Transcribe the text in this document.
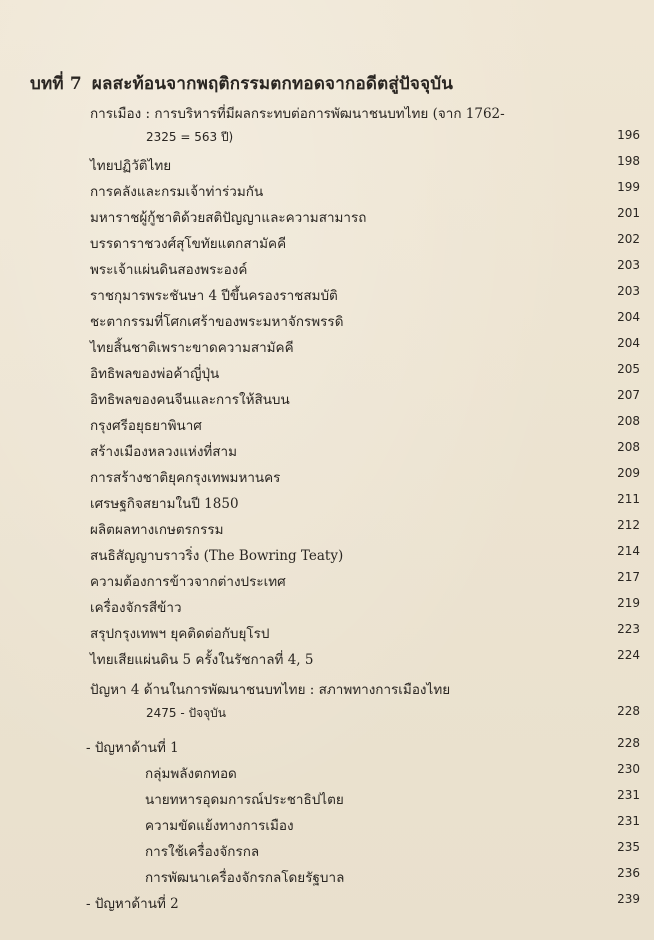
บทที่ 7 ผลสะท้อนจากพฤติกรรมตกทอดจากอดีตสู่ปัจจุบัน
การเมือง : การบริหารที่มีผลกระทบต่อการพัฒนาชนบทไทย (จาก 1762-
2325 = 563 ปี)	196
ไทยปฏิวัติไทย	198
การคลังและกรมเจ้าท่าร่วมกัน	199
มหาราชผู้กู้ชาติด้วยสติปัญญาและความสามารถ	201
บรรดาราชวงศ์สุโขทัยแตกสามัคคี	202
พระเจ้าแผ่นดินสองพระองค์	203
ราชกุมารพระชันษา 4 ปีขึ้นครองราชสมบัติ	203
ชะตากรรมที่โศกเศร้าของพระมหาจักรพรรดิ	204
ไทยสิ้นชาติเพราะขาดความสามัคคี	204
อิทธิพลของพ่อค้าญี่ปุ่น	205
อิทธิพลของคนจีนและการให้สินบน	207
กรุงศรีอยุธยาพินาศ	208
สร้างเมืองหลวงแห่งที่สาม	208
การสร้างชาติยุคกรุงเทพมหานคร	209
เศรษฐกิจสยามในปี 1850	211
ผลิตผลทางเกษตรกรรม	212
สนธิสัญญาบราวริ่ง (The Bowring Teaty)	214
ความต้องการข้าวจากต่างประเทศ	217
เครื่องจักรสีข้าว	219
สรุปกรุงเทพฯ ยุคติดต่อกับยุโรป	223
ไทยเสียแผ่นดิน 5 ครั้งในรัชกาลที่ 4, 5	224
ปัญหา 4 ด้านในการพัฒนาชนบทไทย : สภาพทางการเมืองไทย
2475 - ปัจจุบัน	228
- ปัญหาด้านที่ 1	228
กลุ่มพลังตกทอด	230
นายทหารอุดมการณ์ประชาธิปไตย	231
ความขัดแย้งทางการเมือง	231
การใช้เครื่องจักรกล	235
การพัฒนาเครื่องจักรกลโดยรัฐบาล	236
- ปัญหาด้านที่ 2	239
